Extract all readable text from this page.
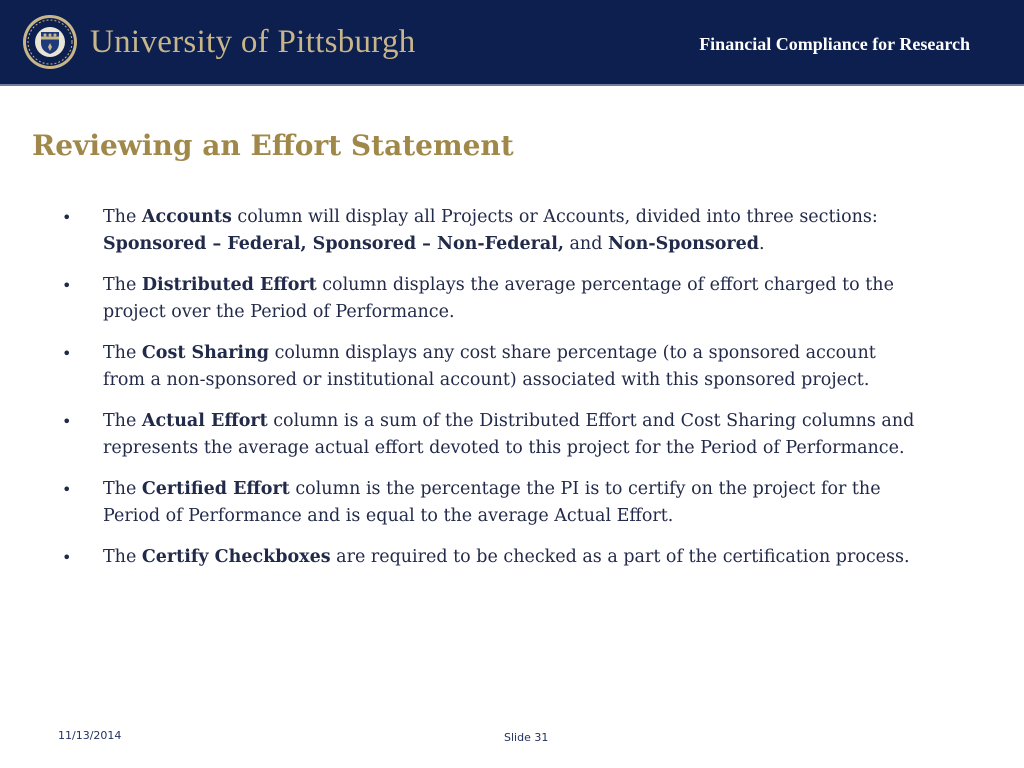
University of Pittsburgh	Financial Compliance for Research
Reviewing an Effort Statement
• The Accounts column will display all Projects or Accounts, divided into three sections: Sponsored – Federal, Sponsored – Non-Federal, and Non-Sponsored.
• The Distributed Effort column displays the average percentage of effort charged to the project over the Period of Performance.
• The Cost Sharing column displays any cost share percentage (to a sponsored account from a non-sponsored or institutional account) associated with this sponsored project.
• The Actual Effort column is a sum of the Distributed Effort and Cost Sharing columns and represents the average actual effort devoted to this project for the Period of Performance.
• The Certified Effort column is the percentage the PI is to certify on the project for the Period of Performance and is equal to the average Actual Effort.
• The Certify Checkboxes are required to be checked as a part of the certification process.
11/13/2014	Slide 31
